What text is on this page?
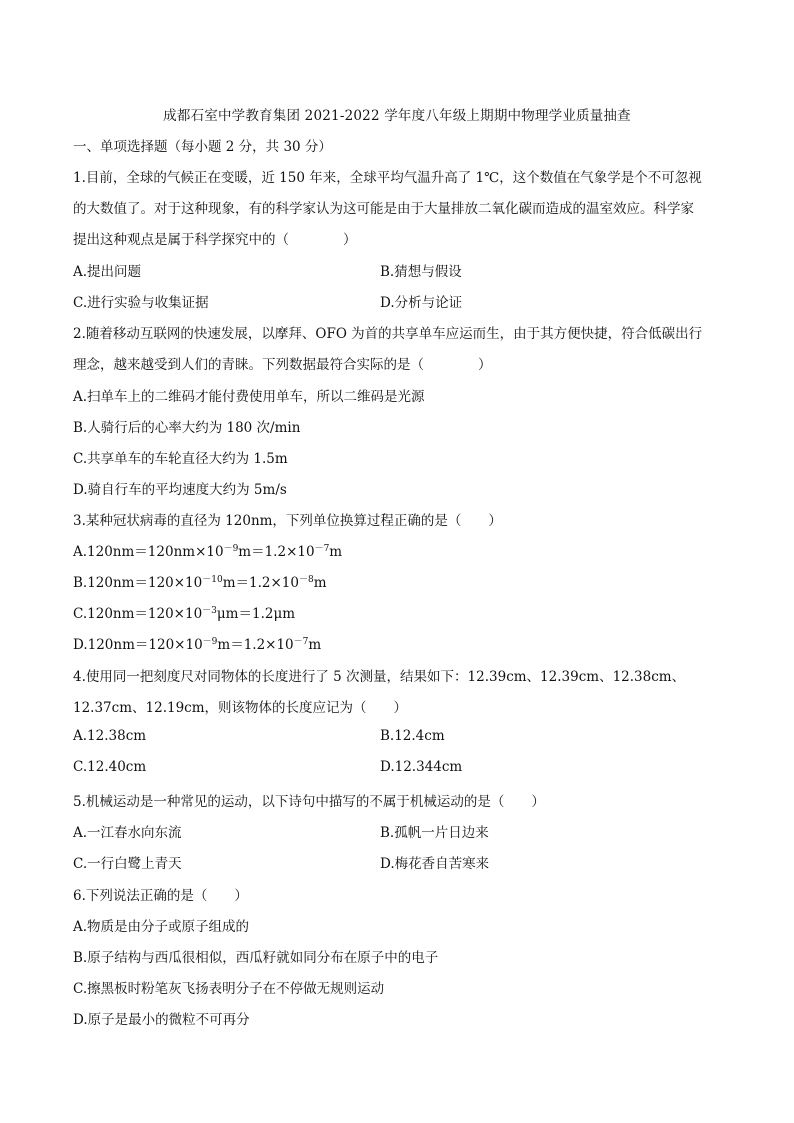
成都石室中学教育集团 2021-2022 学年度八年级上期期中物理学业质量抽查
一、单项选择题（每小题 2 分，共 30 分）
1.目前，全球的气候正在变暖，近 150 年来，全球平均气温升高了 1℃，这个数值在气象学是个不可忽视
的大数值了。对于这种现象，有的科学家认为这可能是由于大量排放二氧化碳而造成的温室效应。科学家
提出这种观点是属于科学探究中的（　　　　）
A.提出问题	B.猜想与假设
C.进行实验与收集证据	D.分析与论证
2.随着移动互联网的快速发展，以摩拜、OFO 为首的共享单车应运而生，由于其方便快捷，符合低碳出行
理念，越来越受到人们的青睐。下列数据最符合实际的是（　　　　）
A.扫单车上的二维码才能付费使用单车，所以二维码是光源
B.人骑行后的心率大约为 180 次/min
C.共享单车的车轮直径大约为 1.5m
D.骑自行车的平均速度大约为 5m/s
3.某种冠状病毒的直径为 120nm，下列单位换算过程正确的是（　　）
$A.120nm=120nm\times 10^{-9}m=1.2\times 10^{-7}m$
$B.120nm=120\times 10^{-10}m=1.2\times 10^{-8}m$
$C.120nm=120\times 10^{-3}\mu m=1.2\mu m$
$D.120nm=120\times 10^{-9}m=1.2\times 10^{-7}m$
4.使用同一把刻度尺对同物体的长度进行了 5 次测量，结果如下：12.39cm、12.39cm、12.38cm、
12.37cm、12.19cm，则该物体的长度应记为（　　）
A.12.38cm	B.12.4cm
C.12.40cm	D.12.344cm
5.机械运动是一种常见的运动，以下诗句中描写的不属于机械运动的是（　　）
A.一江春水向东流	B.孤帆一片日边来
C.一行白鹭上青天	D.梅花香自苦寒来
6.下列说法正确的是（　　）
A.物质是由分子或原子组成的
B.原子结构与西瓜很相似，西瓜籽就如同分布在原子中的电子
C.擦黑板时粉笔灰飞扬表明分子在不停做无规则运动
D.原子是最小的微粒不可再分
